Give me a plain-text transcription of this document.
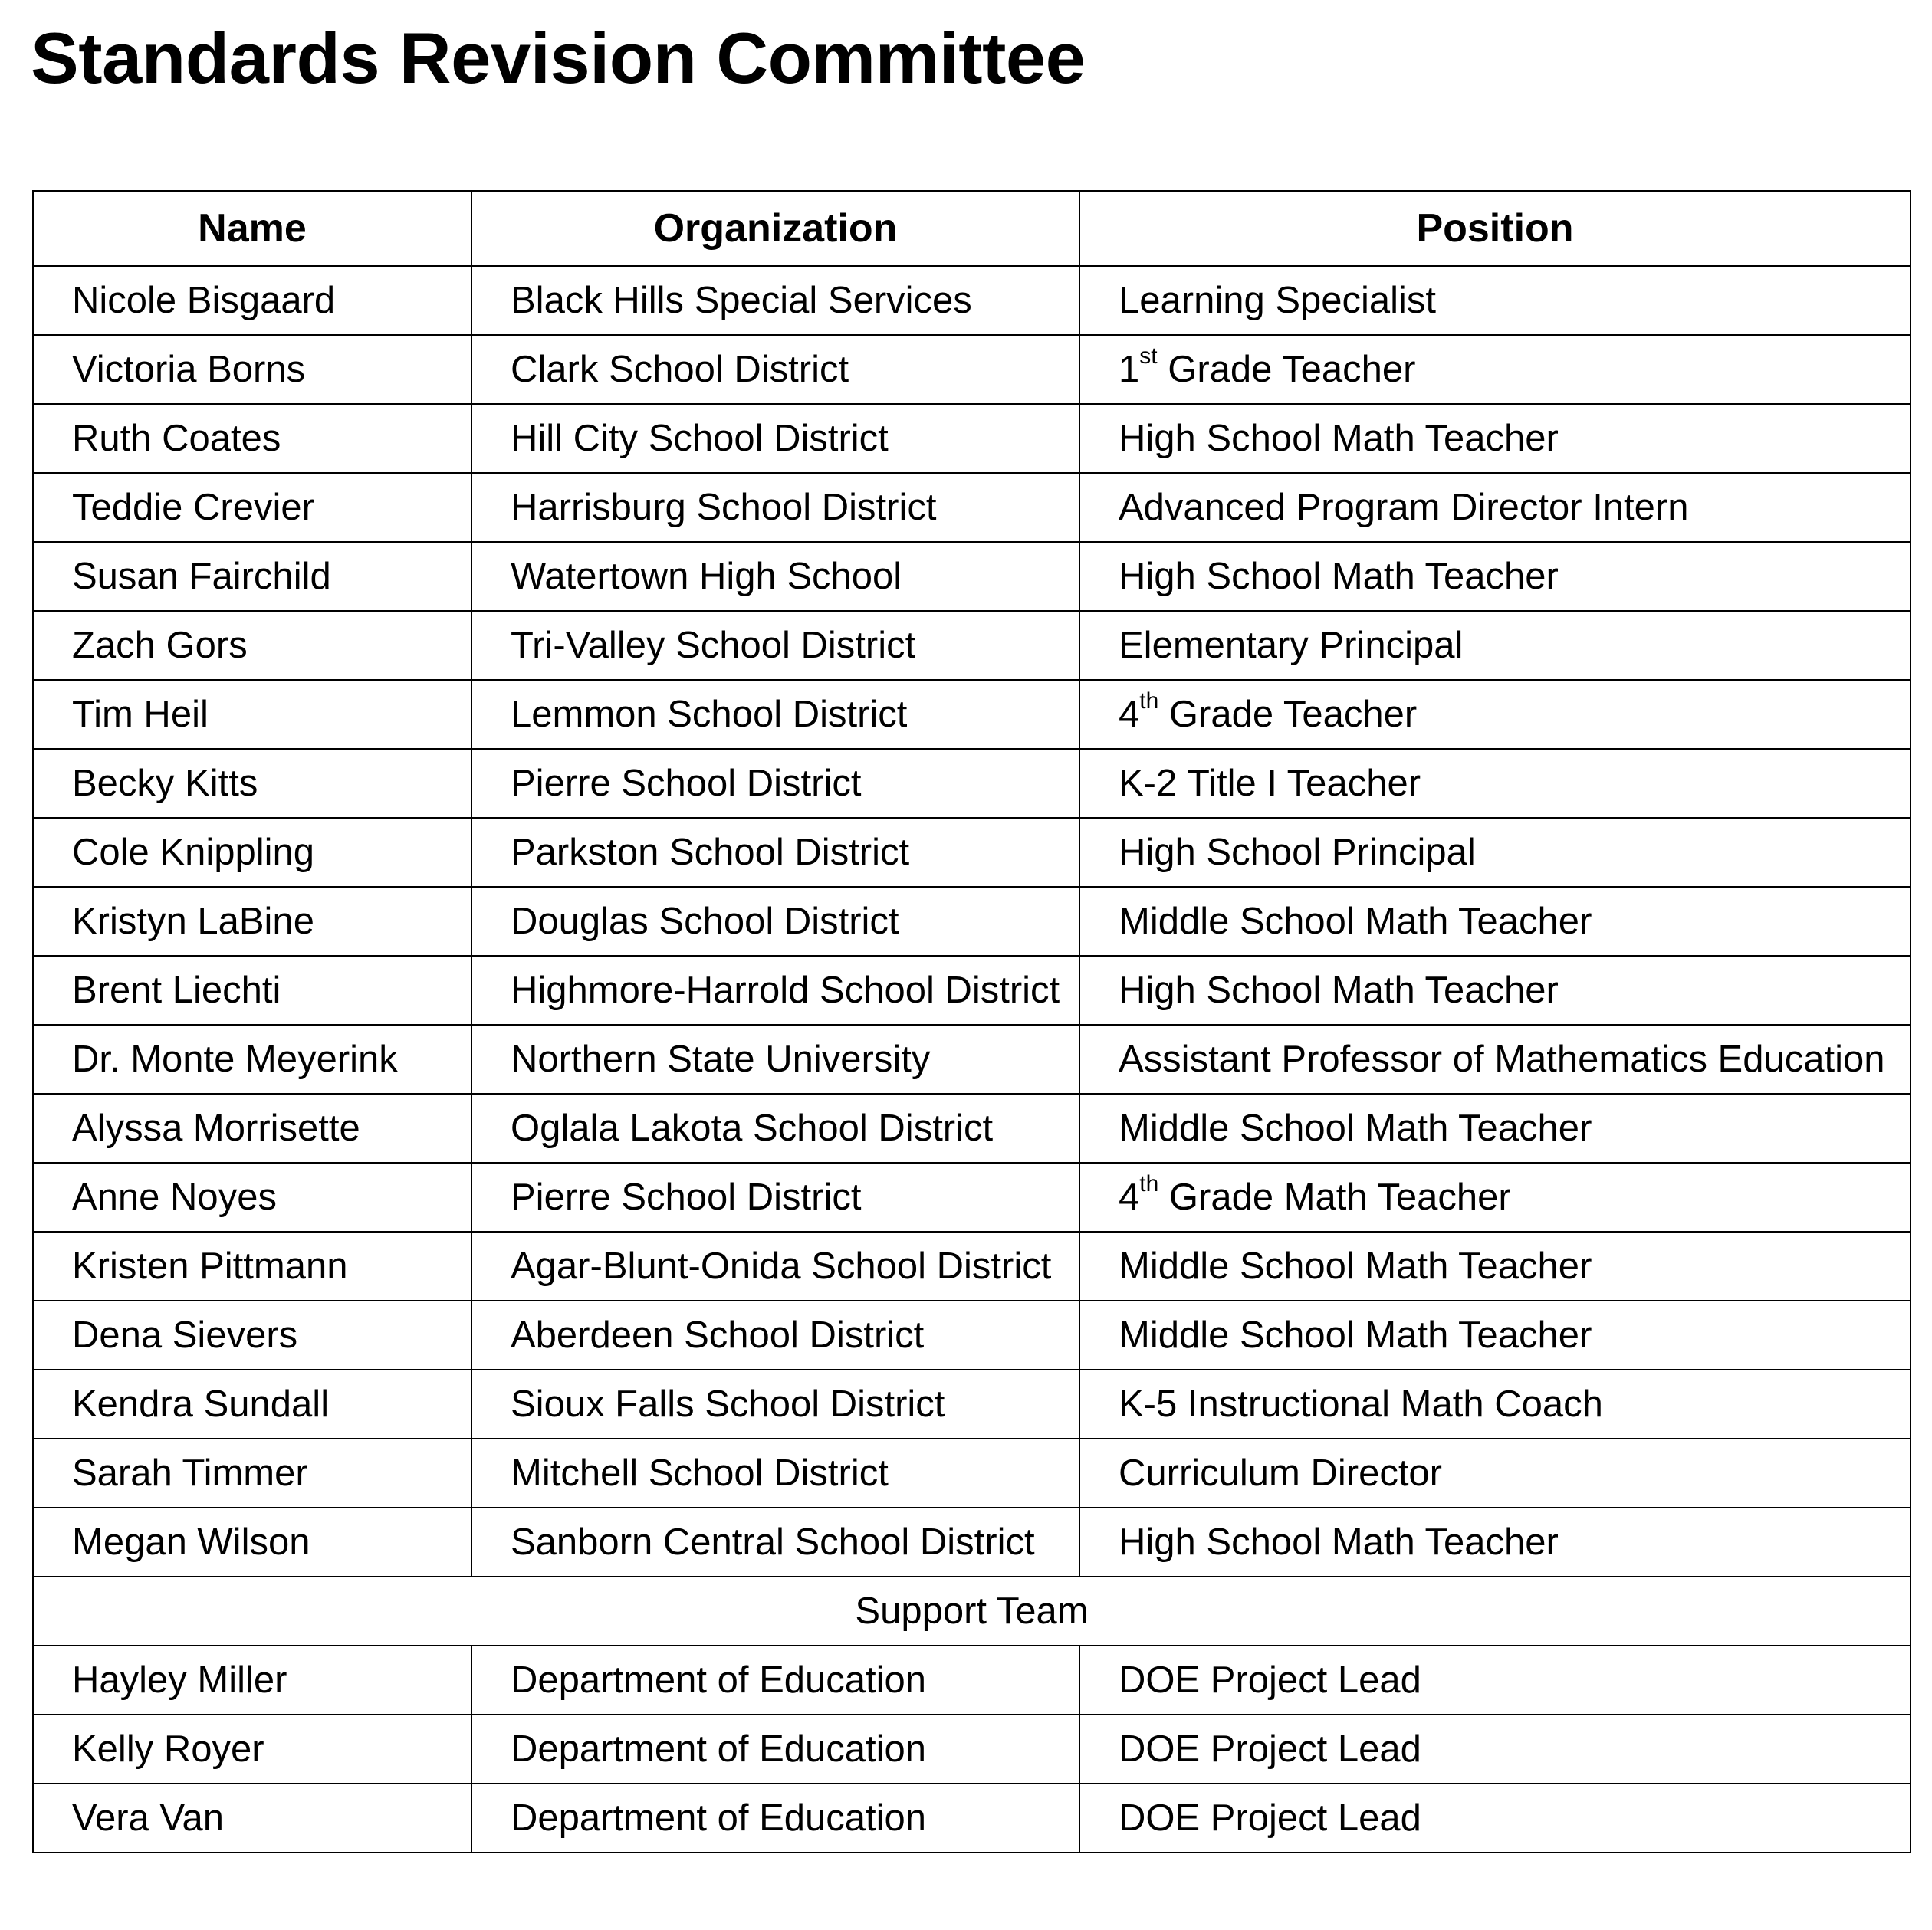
Standards Revision Committee
Name	Organization	Position
Nicole Bisgaard	Black Hills Special Services	Learning Specialist
Victoria Borns	Clark School District	1st Grade Teacher
Ruth Coates	Hill City School District	High School Math Teacher
Teddie Crevier	Harrisburg School District	Advanced Program Director Intern
Susan Fairchild	Watertown High School	High School Math Teacher
Zach Gors	Tri-Valley School District	Elementary Principal
Tim Heil	Lemmon School District	4th Grade Teacher
Becky Kitts	Pierre School District	K-2 Title I Teacher
Cole Knippling	Parkston School District	High School Principal
Kristyn LaBine	Douglas School District	Middle School Math Teacher
Brent Liechti	Highmore-Harrold School District	High School Math Teacher
Dr. Monte Meyerink	Northern State University	Assistant Professor of Mathematics Education
Alyssa Morrisette	Oglala Lakota School District	Middle School Math Teacher
Anne Noyes	Pierre School District	4th Grade Math Teacher
Kristen Pittmann	Agar-Blunt-Onida School District	Middle School Math Teacher
Dena Sievers	Aberdeen School District	Middle School Math Teacher
Kendra Sundall	Sioux Falls School District	K-5 Instructional Math Coach
Sarah Timmer	Mitchell School District	Curriculum Director
Megan Wilson	Sanborn Central School District	High School Math Teacher
Support Team		
Hayley Miller	Department of Education	DOE Project Lead
Kelly Royer	Department of Education	DOE Project Lead
Vera Van	Department of Education	DOE Project Lead
